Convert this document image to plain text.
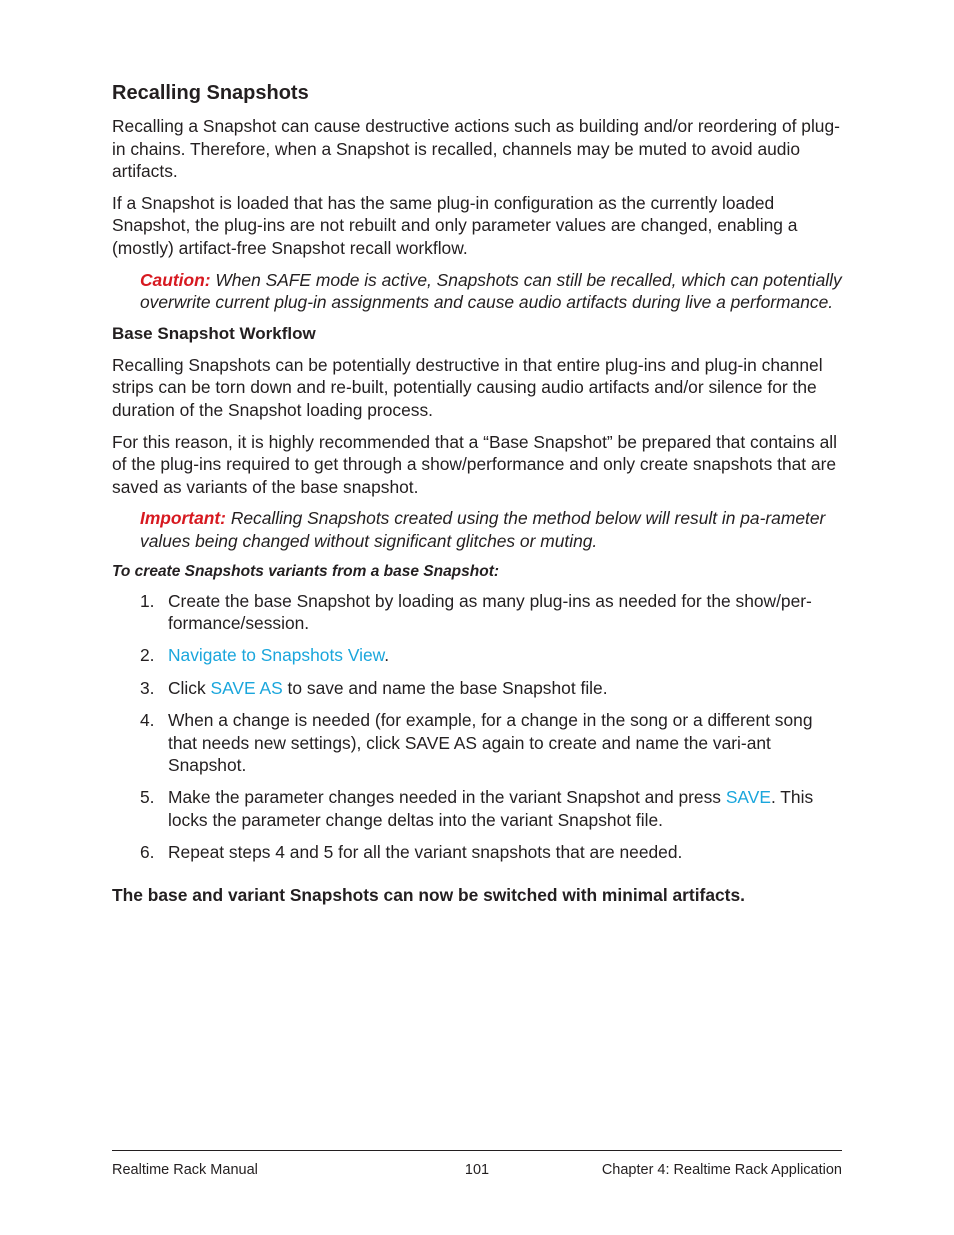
Recalling Snapshots

Recalling a Snapshot can cause destructive actions such as building and/or reordering of plug-in chains. Therefore, when a Snapshot is recalled, channels may be muted to avoid audio artifacts.

If a Snapshot is loaded that has the same plug-in configuration as the currently loaded Snapshot, the plug-ins are not rebuilt and only parameter values are changed, enabling a (mostly) artifact-free Snapshot recall workflow.

Caution: When SAFE mode is active, Snapshots can still be recalled, which can potentially overwrite current plug-in assignments and cause audio artifacts during live a performance.

Base Snapshot Workflow

Recalling Snapshots can be potentially destructive in that entire plug-ins and plug-in channel strips can be torn down and re-built, potentially causing audio artifacts and/or silence for the duration of the Snapshot loading process.

For this reason, it is highly recommended that a “Base Snapshot” be prepared that contains all of the plug-ins required to get through a show/performance and only create snapshots that are saved as variants of the base snapshot.

Important: Recalling Snapshots created using the method below will result in pa-rameter values being changed without significant glitches or muting.

To create Snapshots variants from a base Snapshot:
1. Create the base Snapshot by loading as many plug-ins as needed for the show/per-formance/session.
2. Navigate to Snapshots View.
3. Click SAVE AS to save and name the base Snapshot file.
4. When a change is needed (for example, for a change in the song or a different song that needs new settings), click SAVE AS again to create and name the vari-ant Snapshot.
5. Make the parameter changes needed in the variant Snapshot and press SAVE. This locks the parameter change deltas into the variant Snapshot file.
6. Repeat steps 4 and 5 for all the variant snapshots that are needed.

The base and variant Snapshots can now be switched with minimal artifacts.

Realtime Rack Manual	101	Chapter 4: Realtime Rack Application
